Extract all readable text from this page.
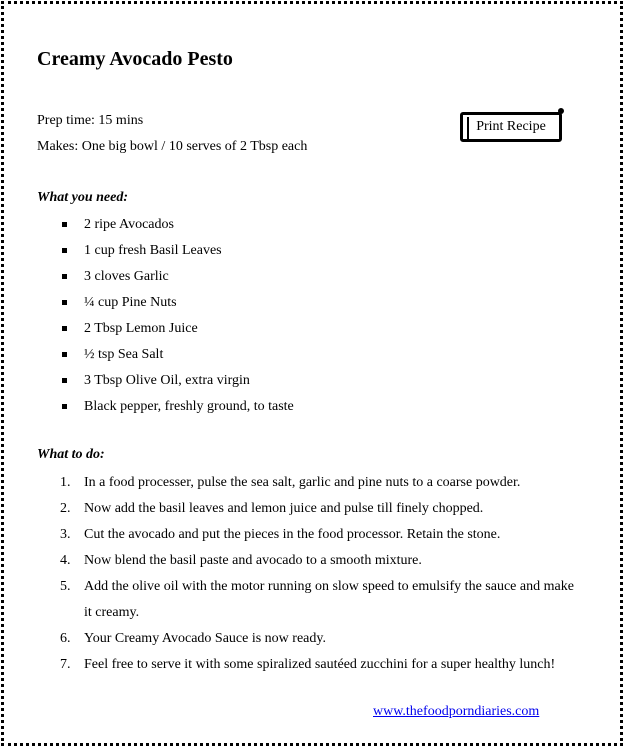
Creamy Avocado Pesto
Prep time: 15 mins
Makes: One big bowl / 10 serves of 2 Tbsp each
Print Recipe
What you need:
2 ripe Avocados
1 cup fresh Basil Leaves
3 cloves Garlic
¼ cup Pine Nuts
2 Tbsp Lemon Juice
½ tsp Sea Salt
3 Tbsp Olive Oil, extra virgin
Black pepper, freshly ground, to taste
What to do:
1. In a food processer, pulse the sea salt, garlic and pine nuts to a coarse powder.
2. Now add the basil leaves and lemon juice and pulse till finely chopped.
3. Cut the avocado and put the pieces in the food processor. Retain the stone.
4. Now blend the basil paste and avocado to a smooth mixture.
5. Add the olive oil with the motor running on slow speed to emulsify the sauce and make it creamy.
6. Your Creamy Avocado Sauce is now ready.
7. Feel free to serve it with some spiralized sautéed zucchini for a super healthy lunch!
www.thefoodporndiaries.com
